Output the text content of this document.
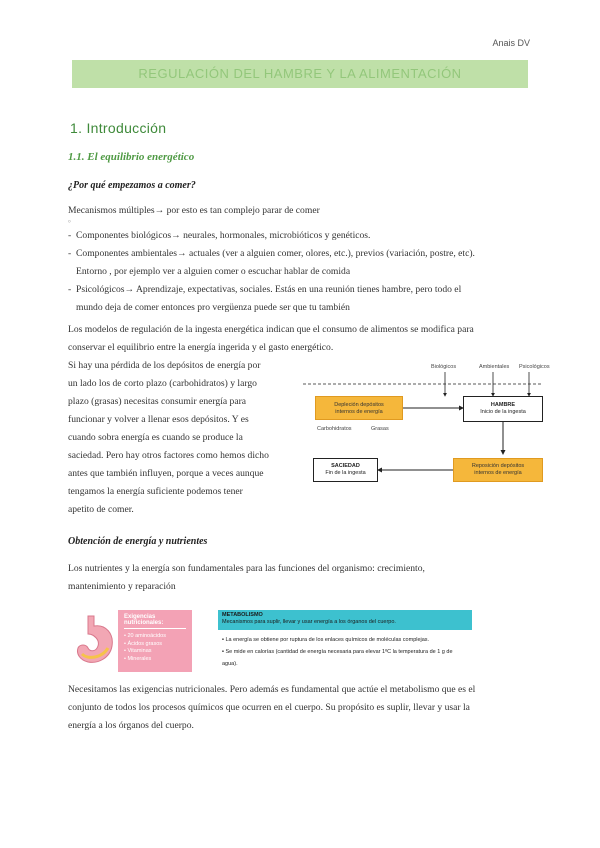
Anais DV
REGULACIÓN DEL HAMBRE Y LA ALIMENTACIÓN
1. Introducción
1.1. El equilibrio energético
¿Por qué empezamos a comer?
Mecanismos múltiples→ por esto es tan complejo parar de comer
°
- Componentes biológicos→ neurales, hormonales, microbióticos y genéticos.
- Componentes ambientales→ actuales (ver a alguien comer, olores, etc.), previos (variación, postre, etc).
Entorno , por ejemplo ver a alguien comer o escuchar hablar de comida
- Psicológicos→ Aprendizaje, expectativas, sociales. Estás en una reunión tienes hambre, pero todo el
mundo deja de comer entonces pro vergüenza puede ser que tu también
Los modelos de regulación de la ingesta energética indican que el consumo de alimentos se modifica para
conservar el equilibrio entre la energía ingerida y el gasto energético.
Si hay una pérdida de los depósitos de energía por
un lado los de corto plazo (carbohidratos) y largo
plazo (grasas) necesitas consumir energía para
funcionar y volver a llenar esos depósitos. Y es
cuando sobra energía es cuando se produce la
saciedad. Pero hay otros factores como hemos dicho
antes que también influyen, porque a veces aunque
tengamos la energía suficiente podemos tener
apetito de comer.
Biológicos	Ambientales Psicológicos
Depleción depósitos
internos de energía
Carbohidratos	Grasas
HAMBRE
Inicio de la ingesta
SACIEDAD
Fin de la ingesta
Reposición depósitos
internos de energía
Obtención de energía y nutrientes
Los nutrientes y la energía son fundamentales para las funciones del organismo: crecimiento,
mantenimiento y reparación
Exigencias nutricionales:
• 20 aminoácidos
• Ácidos grasos
• Vitaminas
• Minerales
METABOLISMO
Mecanismos para suplir, llevar y usar energía a los órganos del cuerpo.
• La energía se obtiene por ruptura de los enlaces químicos de moléculas complejas.
• Se mide en calorías (cantidad de energía necesaria para elevar 1ºC la temperatura de 1 g de agua).
Necesitamos las exigencias nutricionales. Pero además es fundamental que actúe el metabolismo que es el
conjunto de todos los procesos químicos que ocurren en el cuerpo. Su propósito es suplir, llevar y usar la
energía a los órganos del cuerpo.
